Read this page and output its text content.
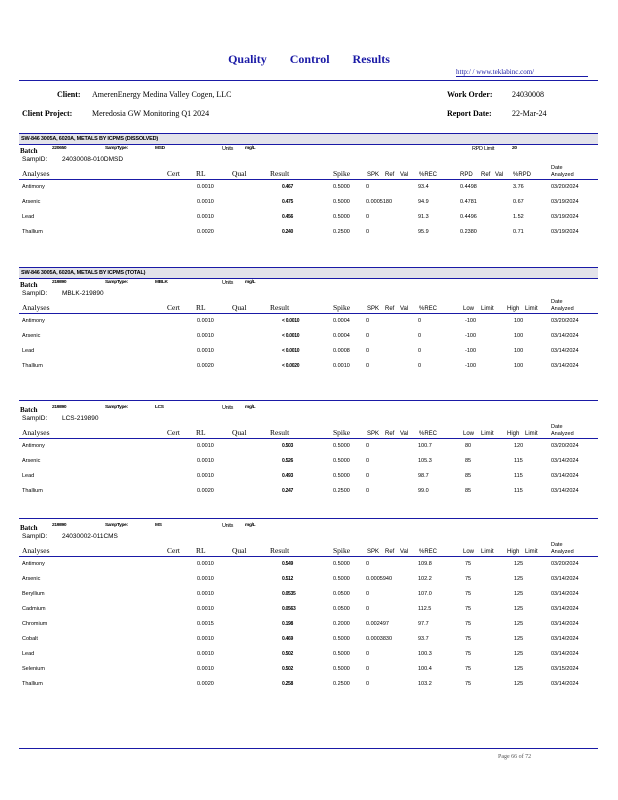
Quality Control Results
http:/ / www.teklabinc.com/
Client: AmerenEnergy Medina Valley Cogen, LLC	Work Order: 24030008
Client Project: Meredosia GW Monitoring Q1 2024	Report Date:	22-Mar-24
SW-846 3005A, 6020A, METALS BY ICPMS (DISSOLVED)
Batch	220650	SampType:	MSD	Units mg/L	RPD Limit	20
SampID: 24030008-010DMSD
Analyses	Cert RL	Qual	Result	Spike	SPK Ref Val %REC	RPD Ref Val %RPD
Date
Analyzed
Antimony	0.0010	0.467	0.5000	0	93.4	0.4498	3.76	03/20/2024
Arsenic	0.0010	0.475	0.5000	0.0005180	94.9	0.4781	0.67	03/19/2024
Lead	0.0010	0.456	0.5000	0	91.3	0.4496	1.52	03/19/2024
Thallium	0.0020	0.240	0.2500	0	95.9	0.2380	0.71	03/19/2024
SW-846 3005A, 6020A, METALS BY ICPMS (TOTAL)
Batch	219890	SampType:	MBLK	Units mg/L
SampID: MBLK-219890
Analyses	Cert RL	Qual	Result	Spike	SPK Ref Val %REC	Low Limit High Limit
Date
Analyzed
Antimony	0.0010	< 0.0010	0.0004	0	0	-100	100	03/20/2024
Arsenic	0.0010	< 0.0010	0.0004	0	0	-100	100	03/14/2024
Lead	0.0010	< 0.0010	0.0008	0	0	-100	100	03/14/2024
Thallium	0.0020	< 0.0020	0.0010	0	0	-100	100	03/14/2024
Batch	219890	SampType:	LCS	Units mg/L
SampID: LCS-219890
Analyses	Cert RL	Qual	Result	Spike	SPK Ref Val %REC	Low Limit High Limit
Date
Analyzed
Antimony	0.0010	0.503	0.5000	0	100.7	80	120	03/20/2024
Arsenic	0.0010	0.526	0.5000	0	105.3	85	115	03/14/2024
Lead	0.0010	0.493	0.5000	0	98.7	85	115	03/14/2024
Thallium	0.0020	0.247	0.2500	0	99.0	85	115	03/14/2024
Batch	219890	SampType:	MS	Units mg/L
SampID: 24030002-011CMS
Analyses	Cert RL	Qual	Result	Spike	SPK Ref Val %REC	Low Limit High Limit
Date
Analyzed
Antimony	0.0010	0.549	0.5000	0	109.8	75	125	03/20/2024
Arsenic	0.0010	0.512	0.5000	0.0005940	102.2	75	125	03/14/2024
Beryllium	0.0010	0.0535	0.0500	0	107.0	75	125	03/14/2024
Cadmium	0.0010	0.0563	0.0500	0	112.5	75	125	03/14/2024
Chromium	0.0015	0.198	0.2000	0.002497	97.7	75	125	03/14/2024
Cobalt	0.0010	0.469	0.5000	0.0003830	93.7	75	125	03/14/2024
Lead	0.0010	0.502	0.5000	0	100.3	75	125	03/14/2024
Selenium	0.0010	0.502	0.5000	0	100.4	75	125	03/15/2024
Thallium	0.0020	0.258	0.2500	0	103.2	75	125	03/14/2024
Page 66 of 72
